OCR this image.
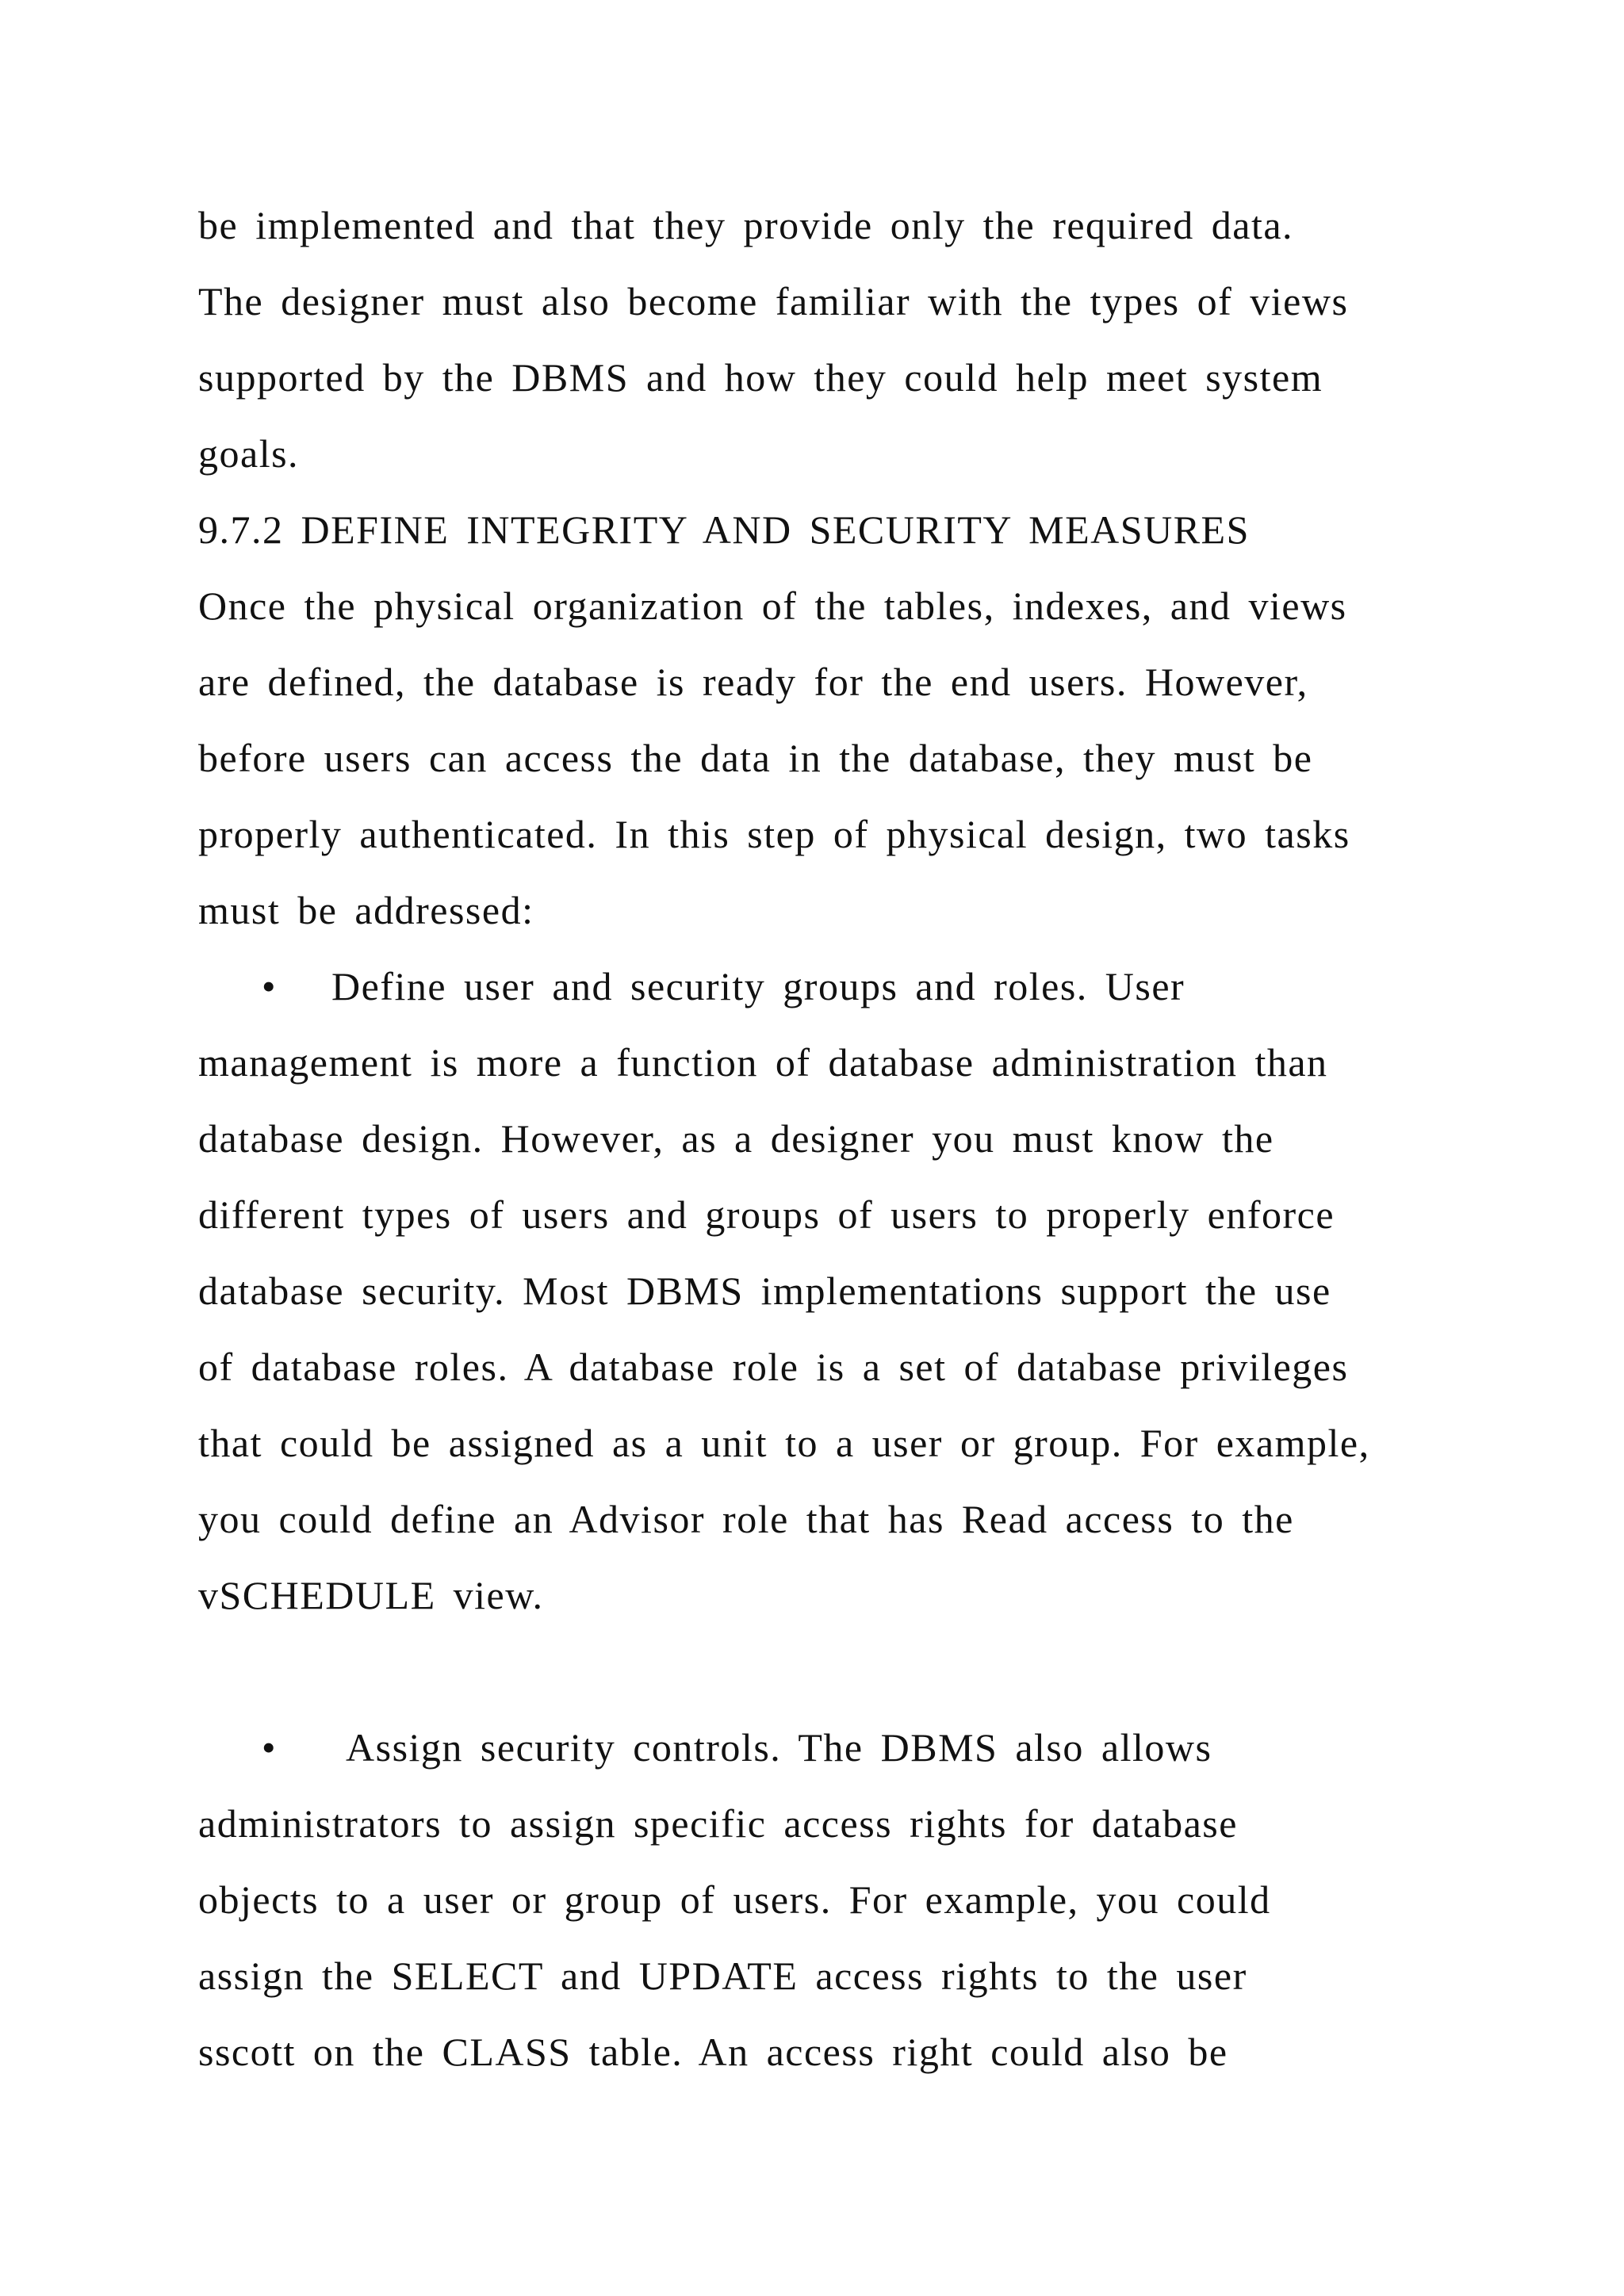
be implemented and that they provide only the required data.
The designer must also become familiar with the types of views
supported by the DBMS and how they could help meet system
goals.
9.7.2 DEFINE INTEGRITY AND SECURITY MEASURES
Once the physical organization of the tables, indexes, and views
are defined, the database is ready for the end users. However,
before users can access the data in the database, they must be
properly authenticated. In this step of physical design, two tasks
must be addressed:
• Define user and security groups and roles. User
management is more a function of database administration than
database design. However, as a designer you must know the
different types of users and groups of users to properly enforce
database security. Most DBMS implementations support the use
of database roles. A database role is a set of database privileges
that could be assigned as a unit to a user or group. For example,
you could define an Advisor role that has Read access to the
vSCHEDULE view.
• Assign security controls. The DBMS also allows
administrators to assign specific access rights for database
objects to a user or group of users. For example, you could
assign the SELECT and UPDATE access rights to the user
sscott on the CLASS table. An access right could also be
